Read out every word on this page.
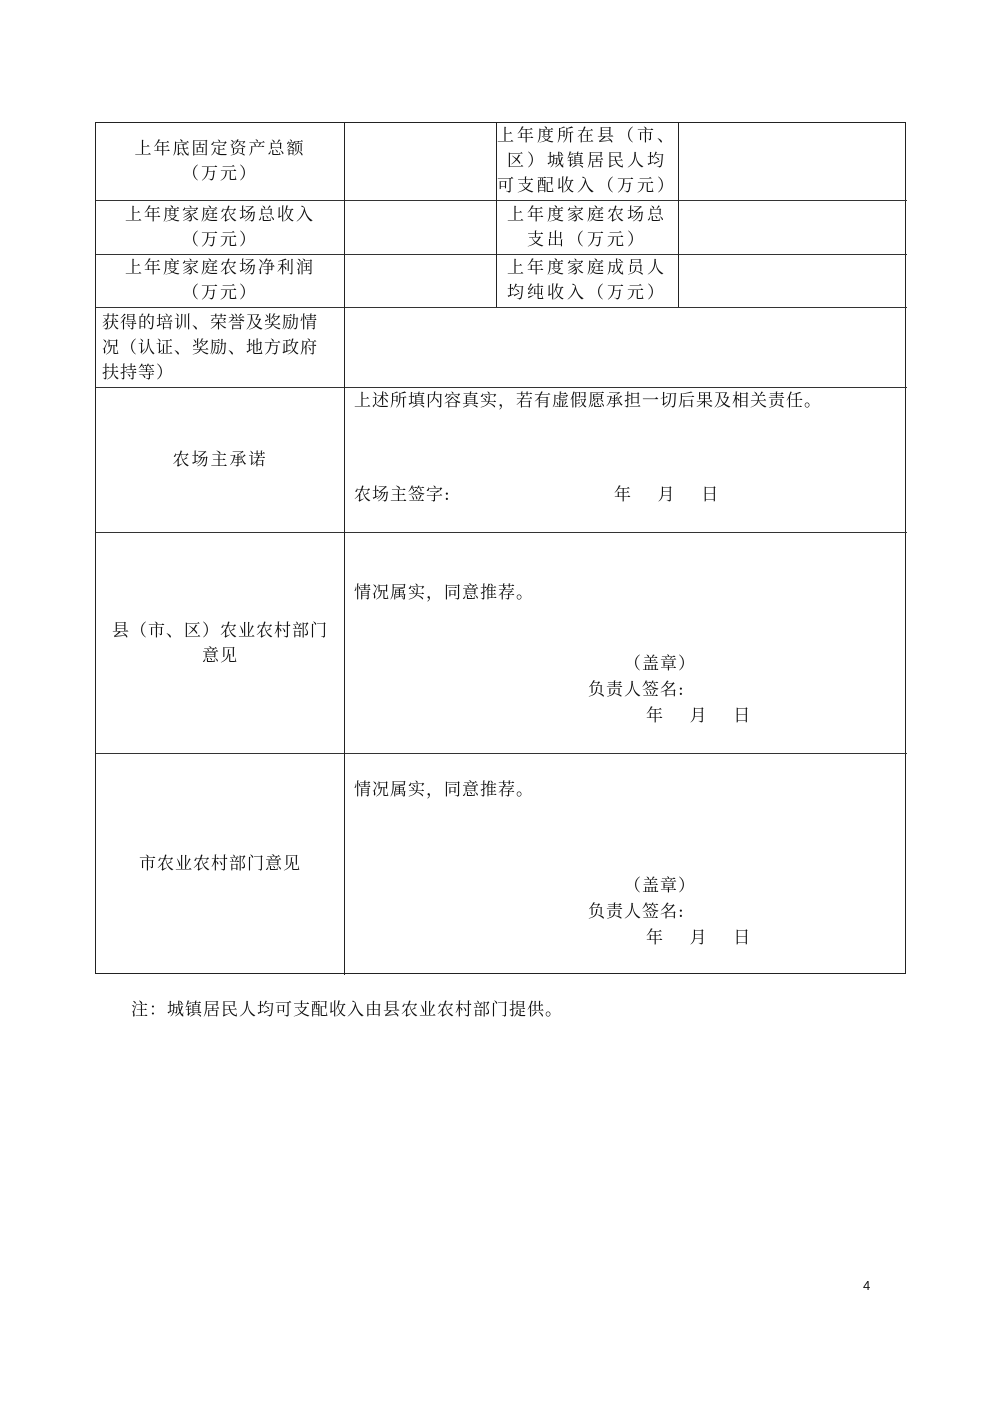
上年底固定资产总额
（万元）
上年度所在县（市、
区）城镇居民人均
可支配收入（万元）
上年度家庭农场总收入
（万元）
上年度家庭农场总
支出（万元）
上年度家庭农场净利润
（万元）
上年度家庭成员人
均纯收入（万元）
获得的培训、荣誉及奖励情
况（认证、奖励、地方政府
扶持等）
农场主承诺
上述所填内容真实，若有虚假愿承担一切后果及相关责任。
农场主签字:	年    月    日
县（市、区）农业农村部门
意见
情况属实，同意推荐。
（盖章）
负责人签名:
年    月    日
市农业农村部门意见
情况属实，同意推荐。
（盖章）
负责人签名:
年    月    日
注：城镇居民人均可支配收入由县农业农村部门提供。
4
